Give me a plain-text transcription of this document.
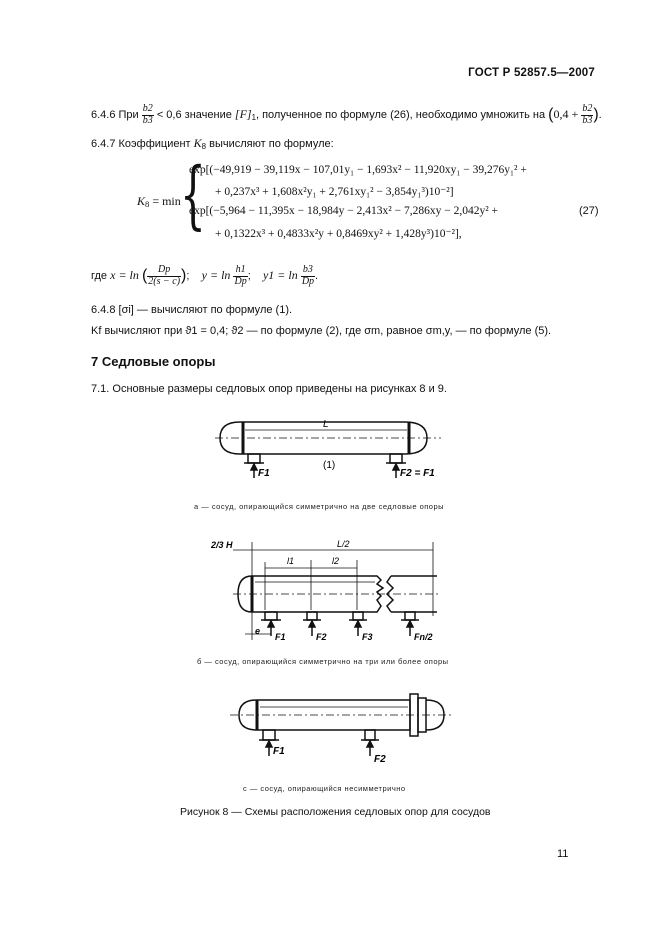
ГОСТ Р 52857.5—2007
6.4.6 При $\frac{b2}{b3} < 0,6$ значение $[F]_1$, полученное по формуле (26), необходимо умножить на ($0,4 + \frac{b2}{b3}$ ).
6.4.7 Коэффициент $K_8$ вычисляют по формуле:
$K_8 = \min$ {
exp[(−49,919 − 39,119x − 107,01y₁ − 1,693x² − 11,920xy₁ − 39,276y₁² +
+ 0,237x³ + 1,608x²y₁ + 2,761xy₁² − 3,854y₁³)10⁻²]
exp[(−5,964 − 11,395x − 18,984y − 2,413x² − 7,286xy − 2,042y² +
+ 0,1322x³ + 0,4833x²y + 0,8469xy² + 1,428y³)10⁻²],
(27)
где x = ln ( $\frac{Dp}{2(s - c)}$ );    $y = \ln \frac{h1}{Dp}$ ;    $y1 = \ln \frac{b3}{Dp}$ .
6.4.8 [σi] — вычисляют по формуле (1).
Kf вычисляют при ϑ1 = 0,4; ϑ2 — по формуле (2), где σm, равное σm,y, — по формуле (5).
7 Седловые опоры
7.1. Основные размеры седловых опор приведены на рисунках 8 и 9.
L
(1)
F1	F2 = F1
а — сосуд, опирающийся симметрично на две седловые опоры
2/3 H	L/2
l1	l2
e
F1	F2	F3	Fn/2
б — сосуд, опирающийся симметрично на три или более опоры
F1
F2
с — сосуд, опирающийся несимметрично
Рисунок 8 — Схемы расположения седловых опор для сосудов
11
